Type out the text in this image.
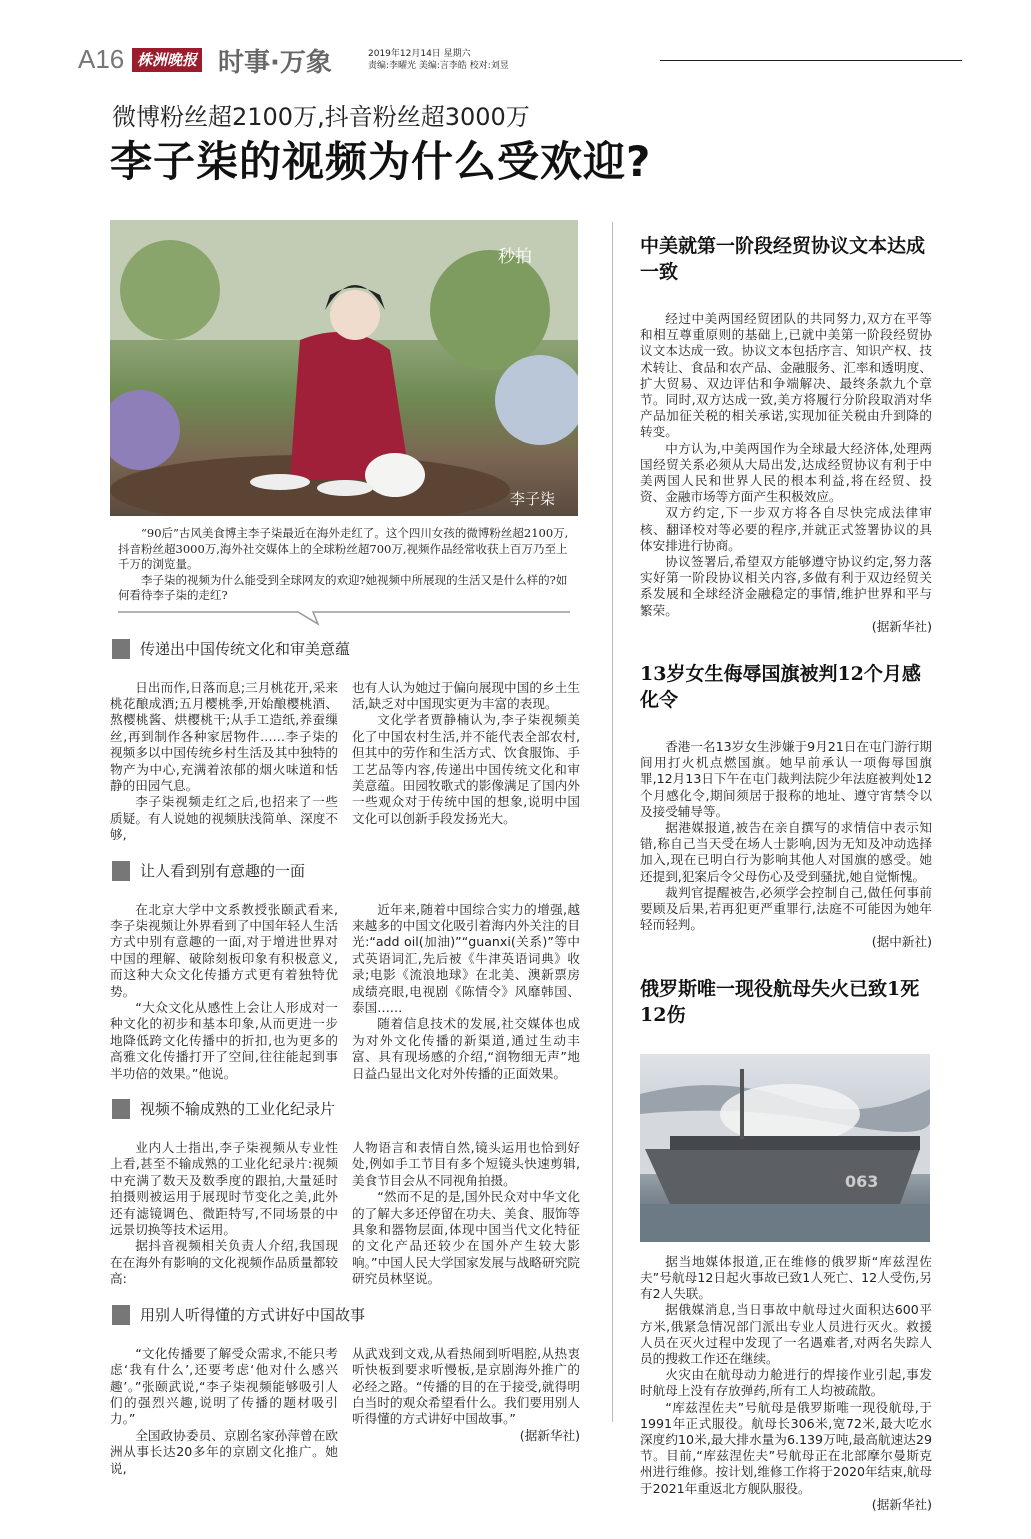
A16 株洲晚报 时事·万象	2019年12月14日 星期六
责编:李曜光 美编:言李皓 校对:刘昱
微博粉丝超2100万,抖音粉丝超3000万
李子柒的视频为什么受欢迎?
秒拍
李子柒

“90后”古风美食博主李子柒最近在海外走红了。这个四川女孩的微博粉丝超2100万,抖音粉丝超3000万,海外社交媒体上的全球粉丝超700万,视频作品经常收获上百万乃至上千万的浏览量。

李子柒的视频为什么能受到全球网友的欢迎?她视频中所展现的生活又是什么样的?如何看待李子柒的走红?

传递出中国传统文化和审美意蕴

日出而作,日落而息;三月桃花开,采来桃花酿成酒;五月樱桃季,开始酿樱桃酒、熬樱桃酱、烘樱桃干;从手工造纸,养蚕缫丝,再到制作各种家居物件……李子柒的视频多以中国传统乡村生活及其中独特的物产为中心,充满着浓郁的烟火味道和恬静的田园气息。

李子柒视频走红之后,也招来了一些质疑。有人说她的视频肤浅简单、深度不够,

也有人认为她过于偏向展现中国的乡土生活,缺乏对中国现实更为丰富的表现。

文化学者贾静楠认为,李子柒视频美化了中国农村生活,并不能代表全部农村,但其中的劳作和生活方式、饮食服饰、手工艺品等内容,传递出中国传统文化和审美意蕴。田园牧歌式的影像满足了国内外一些观众对于传统中国的想象,说明中国文化可以创新手段发扬光大。

让人看到别有意趣的一面

在北京大学中文系教授张颐武看来,李子柒视频让外界看到了中国年轻人生活方式中别有意趣的一面,对于增进世界对中国的理解、破除刻板印象有积极意义,而这种大众文化传播方式更有着独特优势。

“大众文化从感性上会让人形成对一种文化的初步和基本印象,从而更进一步地降低跨文化传播中的折扣,也为更多的高雅文化传播打开了空间,往往能起到事半功倍的效果。”他说。

近年来,随着中国综合实力的增强,越来越多的中国文化吸引着海内外关注的目光:“add oil(加油)”“guanxi(关系)”等中式英语词汇,先后被《牛津英语词典》收录;电影《流浪地球》在北美、澳新票房成绩亮眼,电视剧《陈情令》风靡韩国、泰国……

随着信息技术的发展,社交媒体也成为对外文化传播的新渠道,通过生动丰富、具有现场感的介绍,“润物细无声”地日益凸显出文化对外传播的正面效果。

视频不输成熟的工业化纪录片

业内人士指出,李子柒视频从专业性上看,甚至不输成熟的工业化纪录片:视频中充满了数天及数季度的跟拍,大量延时拍摄则被运用于展现时节变化之美,此外还有滤镜调色、微距特写,不同场景的中远景切换等技术运用。

据抖音视频相关负责人介绍,我国现在在海外有影响的文化视频作品质量都较高:

人物语言和表情自然,镜头运用也恰到好处,例如手工节目有多个短镜头快速剪辑,美食节目会从不同视角拍摄。

“然而不足的是,国外民众对中华文化的了解大多还停留在功夫、美食、服饰等具象和器物层面,体现中国当代文化特征的文化产品还较少在国外产生较大影响。”中国人民大学国家发展与战略研究院研究员林坚说。

用别人听得懂的方式讲好中国故事

“文化传播要了解受众需求,不能只考虑‘我有什么’,还要考虑‘他对什么感兴趣’。”张颐武说,“李子柒视频能够吸引人们的强烈兴趣,说明了传播的题材吸引力。”

全国政协委员、京剧名家孙萍曾在欧洲从事长达20多年的京剧文化推广。她说,

从武戏到文戏,从看热闹到听唱腔,从热衷听快板到要求听慢板,是京剧海外推广的必经之路。“传播的目的在于接受,就得明白当时的观众希望看什么。我们要用别人听得懂的方式讲好中国故事。”

(据新华社)

中美就第一阶段经贸协议文本达成一致

经过中美两国经贸团队的共同努力,双方在平等和相互尊重原则的基础上,已就中美第一阶段经贸协议文本达成一致。协议文本包括序言、知识产权、技术转让、食品和农产品、金融服务、汇率和透明度、扩大贸易、双边评估和争端解决、最终条款九个章节。同时,双方达成一致,美方将履行分阶段取消对华产品加征关税的相关承诺,实现加征关税由升到降的转变。

中方认为,中美两国作为全球最大经济体,处理两国经贸关系必须从大局出发,达成经贸协议有利于中美两国人民和世界人民的根本利益,将在经贸、投资、金融市场等方面产生积极效应。

双方约定,下一步双方将各自尽快完成法律审核、翻译校对等必要的程序,并就正式签署协议的具体安排进行协商。

协议签署后,希望双方能够遵守协议约定,努力落实好第一阶段协议相关内容,多做有利于双边经贸关系发展和全球经济金融稳定的事情,维护世界和平与繁荣。

(据新华社)

13岁女生侮辱国旗被判12个月感化令

香港一名13岁女生涉嫌于9月21日在屯门游行期间用打火机点燃国旗。她早前承认一项侮辱国旗罪,12月13日下午在屯门裁判法院少年法庭被判处12个月感化令,期间须居于报称的地址、遵守宵禁令以及接受辅导等。

据港媒报道,被告在亲自撰写的求情信中表示知错,称自己当天受在场人士影响,因为无知及冲动选择加入,现在已明白行为影响其他人对国旗的感受。她还提到,犯案后令父母伤心及受到骚扰,她自觉惭愧。

裁判官提醒被告,必须学会控制自己,做任何事前要顾及后果,若再犯更严重罪行,法庭不可能因为她年轻而轻判。

(据中新社)

俄罗斯唯一现役航母失火已致1死12伤
063

据当地媒体报道,正在维修的俄罗斯“库兹涅佐夫”号航母12日起火事故已致1人死亡、12人受伤,另有2人失联。

据俄媒消息,当日事故中航母过火面积达600平方米,俄紧急情况部门派出专业人员进行灭火。救援人员在灭火过程中发现了一名遇难者,对两名失踪人员的搜救工作还在继续。

火灾由在航母动力舱进行的焊接作业引起,事发时航母上没有存放弹药,所有工人均被疏散。

“库兹涅佐夫”号航母是俄罗斯唯一现役航母,于1991年正式服役。航母长306米,宽72米,最大吃水深度约10米,最大排水量为6.139万吨,最高航速达29节。目前,“库兹涅佐夫”号航母正在北部摩尔曼斯克州进行维修。按计划,维修工作将于2020年结束,航母于2021年重返北方舰队服役。

(据新华社)
